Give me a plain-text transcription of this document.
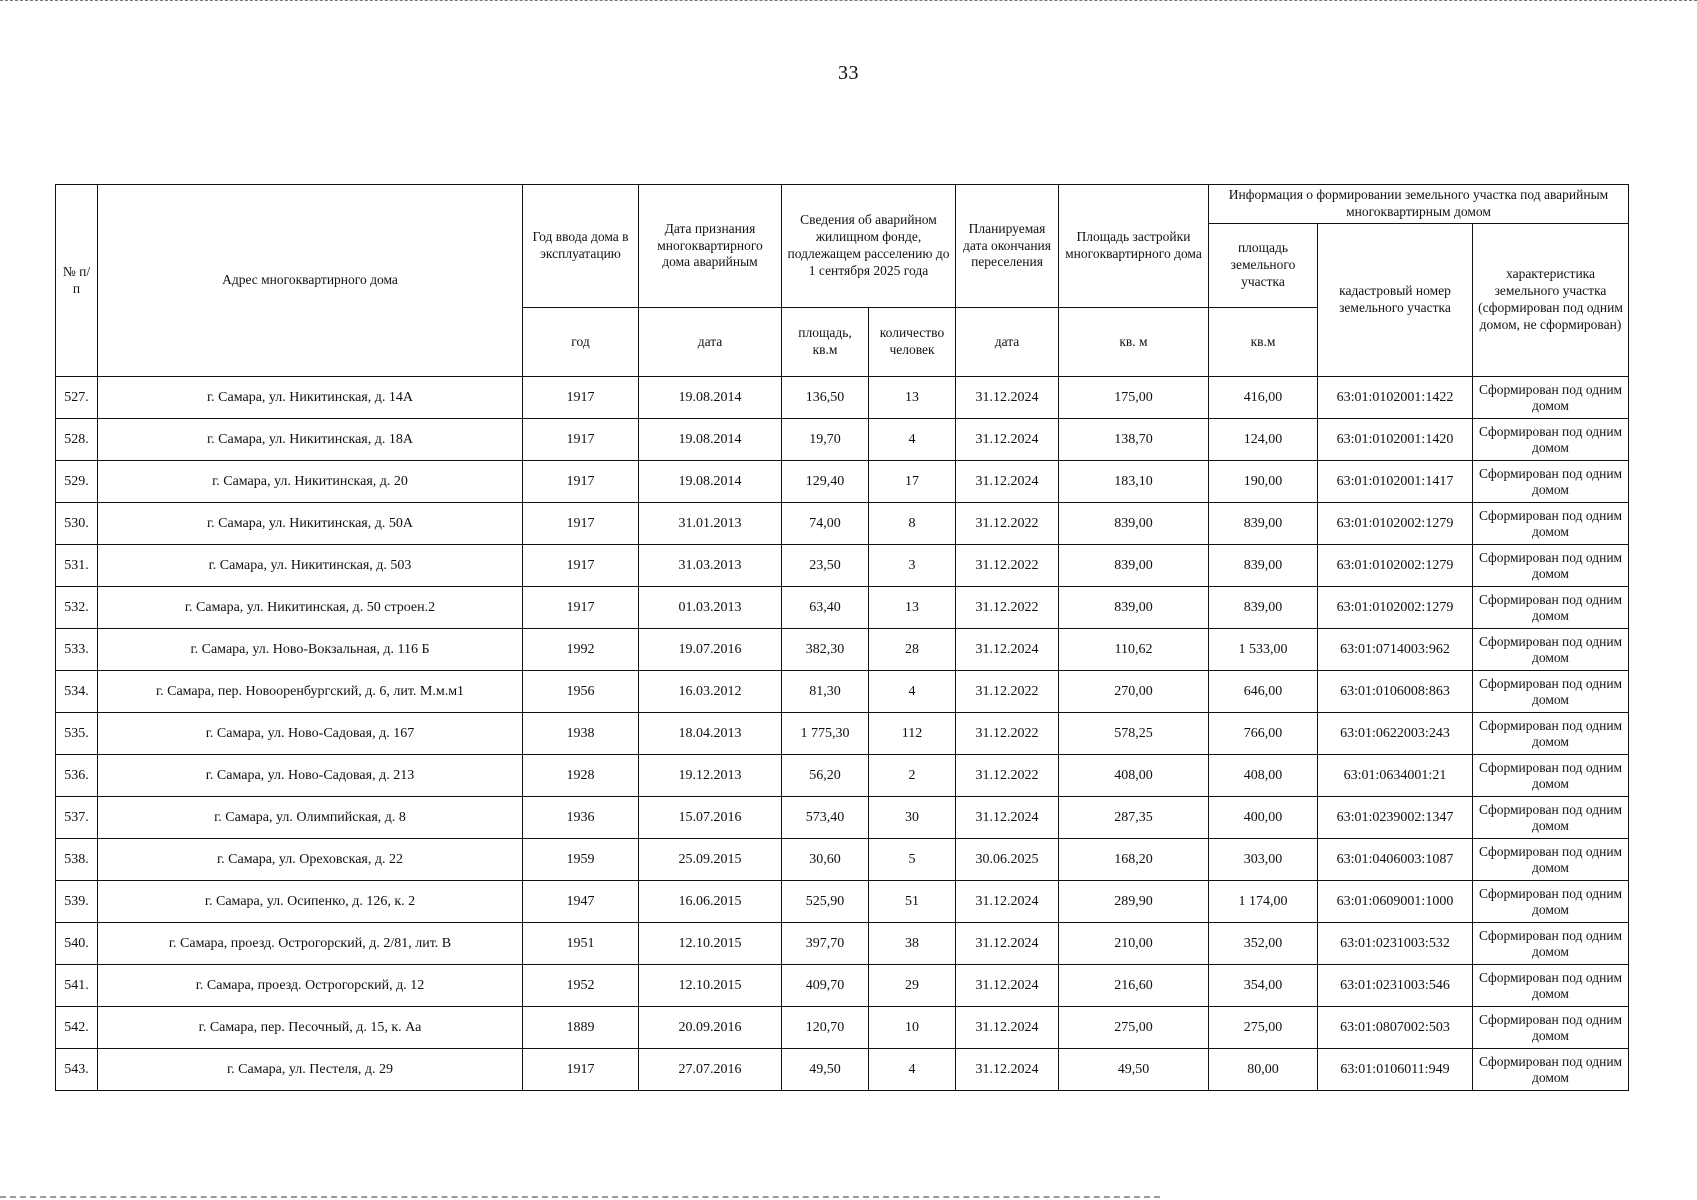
33
№ п/п	Адрес многоквартирного дома	Год ввода дома в эксплуатацию	Дата признания многоквартирного дома аварийным	Сведения об аварийном жилищном фонде, подлежащем расселению до 1 сентября 2025 года		Планируемая дата окончания переселения	Площадь застройки многоквартирного дома	Информация о формировании земельного участка под аварийным многоквартирным домом		
								площадь земельного участка	кадастровый номер земельного участка	характеристика земельного участка (сформирован под одним домом, не сформирован)
		год	дата	площадь, кв.м	количество человек	дата	кв. м	кв.м		
527.	г. Самара, ул. Никитинская, д. 14А	1917	19.08.2014	136,50	13	31.12.2024	175,00	416,00	63:01:0102001:1422	Сформирован под одним домом
528.	г. Самара, ул. Никитинская, д. 18А	1917	19.08.2014	19,70	4	31.12.2024	138,70	124,00	63:01:0102001:1420	Сформирован под одним домом
529.	г. Самара, ул. Никитинская, д. 20	1917	19.08.2014	129,40	17	31.12.2024	183,10	190,00	63:01:0102001:1417	Сформирован под одним домом
530.	г. Самара, ул. Никитинская, д. 50А	1917	31.01.2013	74,00	8	31.12.2022	839,00	839,00	63:01:0102002:1279	Сформирован под одним домом
531.	г. Самара, ул. Никитинская, д. 503	1917	31.03.2013	23,50	3	31.12.2022	839,00	839,00	63:01:0102002:1279	Сформирован под одним домом
532.	г. Самара, ул. Никитинская, д. 50 строен.2	1917	01.03.2013	63,40	13	31.12.2022	839,00	839,00	63:01:0102002:1279	Сформирован под одним домом
533.	г. Самара, ул. Ново-Вокзальная, д. 116 Б	1992	19.07.2016	382,30	28	31.12.2024	110,62	1 533,00	63:01:0714003:962	Сформирован под одним домом
534.	г. Самара, пер. Новооренбургский, д. 6, лит. М.м.м1	1956	16.03.2012	81,30	4	31.12.2022	270,00	646,00	63:01:0106008:863	Сформирован под одним домом
535.	г. Самара, ул. Ново-Садовая, д. 167	1938	18.04.2013	1 775,30	112	31.12.2022	578,25	766,00	63:01:0622003:243	Сформирован под одним домом
536.	г. Самара, ул. Ново-Садовая, д. 213	1928	19.12.2013	56,20	2	31.12.2022	408,00	408,00	63:01:0634001:21	Сформирован под одним домом
537.	г. Самара, ул. Олимпийская, д. 8	1936	15.07.2016	573,40	30	31.12.2024	287,35	400,00	63:01:0239002:1347	Сформирован под одним домом
538.	г. Самара, ул. Ореховская, д. 22	1959	25.09.2015	30,60	5	30.06.2025	168,20	303,00	63:01:0406003:1087	Сформирован под одним домом
539.	г. Самара, ул. Осипенко, д. 126, к. 2	1947	16.06.2015	525,90	51	31.12.2024	289,90	1 174,00	63:01:0609001:1000	Сформирован под одним домом
540.	г. Самара, проезд. Острогорский, д. 2/81, лит. В	1951	12.10.2015	397,70	38	31.12.2024	210,00	352,00	63:01:0231003:532	Сформирован под одним домом
541.	г. Самара, проезд. Острогорский, д. 12	1952	12.10.2015	409,70	29	31.12.2024	216,60	354,00	63:01:0231003:546	Сформирован под одним домом
542.	г. Самара, пер. Песочный, д. 15, к. Аа	1889	20.09.2016	120,70	10	31.12.2024	275,00	275,00	63:01:0807002:503	Сформирован под одним домом
543.	г. Самара, ул. Пестеля, д. 29	1917	27.07.2016	49,50	4	31.12.2024	49,50	80,00	63:01:0106011:949	Сформирован под одним домом
